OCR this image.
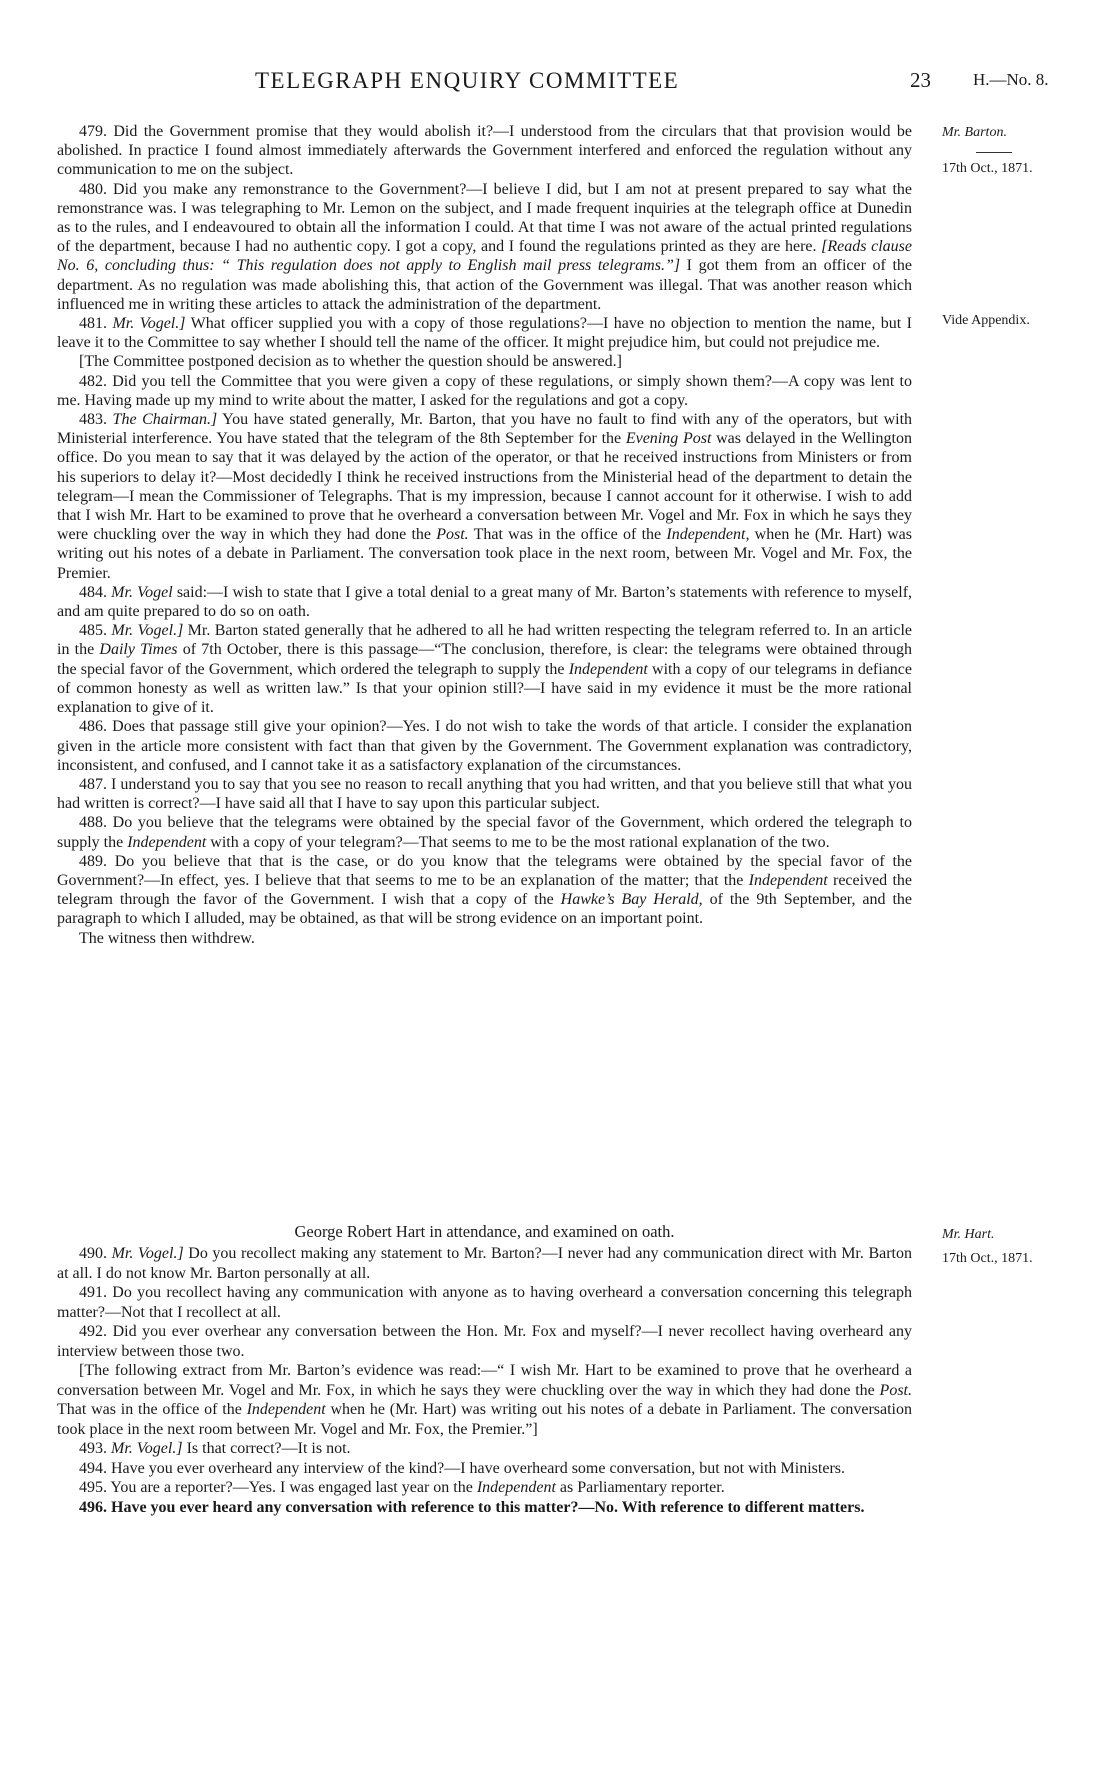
TELEGRAPH ENQUIRY COMMITTEE	23 H.—No. 8.
Mr. Barton.
17th Oct., 1871.
Vide Appendix.
Mr. Hart.
17th Oct., 1871.

479. Did the Government promise that they would abolish it?—I understood from the circulars that that provision would be abolished. In practice I found almost immediately afterwards the Government interfered and enforced the regulation without any communication to me on the subject.

480. Did you make any remonstrance to the Government?—I believe I did, but I am not at present prepared to say what the remonstrance was. I was telegraphing to Mr. Lemon on the subject, and I made frequent inquiries at the telegraph office at Dunedin as to the rules, and I endeavoured to obtain all the information I could. At that time I was not aware of the actual printed regulations of the department, because I had no authentic copy. I got a copy, and I found the regulations printed as they are here. [Reads clause No. 6, concluding thus: “ This regulation does not apply to English mail press telegrams.”] I got them from an officer of the department. As no regulation was made abolishing this, that action of the Government was illegal. That was another reason which influenced me in writing these articles to attack the administration of the department.

481. Mr. Vogel.] What officer supplied you with a copy of those regulations?—I have no objection to mention the name, but I leave it to the Committee to say whether I should tell the name of the officer. It might prejudice him, but could not prejudice me.

[The Committee postponed decision as to whether the question should be answered.]

482. Did you tell the Committee that you were given a copy of these regulations, or simply shown them?—A copy was lent to me. Having made up my mind to write about the matter, I asked for the regulations and got a copy.

483. The Chairman.] You have stated generally, Mr. Barton, that you have no fault to find with any of the operators, but with Ministerial interference. You have stated that the telegram of the 8th September for the Evening Post was delayed in the Wellington office. Do you mean to say that it was delayed by the action of the operator, or that he received instructions from Ministers or from his superiors to delay it?—Most decidedly I think he received instructions from the Ministerial head of the department to detain the telegram—I mean the Commissioner of Telegraphs. That is my impression, because I cannot account for it otherwise. I wish to add that I wish Mr. Hart to be examined to prove that he overheard a conversation between Mr. Vogel and Mr. Fox in which he says they were chuckling over the way in which they had done the Post. That was in the office of the Independent, when he (Mr. Hart) was writing out his notes of a debate in Parliament. The conversation took place in the next room, between Mr. Vogel and Mr. Fox, the Premier.

484. Mr. Vogel said:—I wish to state that I give a total denial to a great many of Mr. Barton’s statements with reference to myself, and am quite prepared to do so on oath.

485. Mr. Vogel.] Mr. Barton stated generally that he adhered to all he had written respecting the telegram referred to. In an article in the Daily Times of 7th October, there is this passage—“The conclusion, therefore, is clear: the telegrams were obtained through the special favor of the Government, which ordered the telegraph to supply the Independent with a copy of our telegrams in defiance of common honesty as well as written law.” Is that your opinion still?—I have said in my evidence it must be the more rational explanation to give of it.

486. Does that passage still give your opinion?—Yes. I do not wish to take the words of that article. I consider the explanation given in the article more consistent with fact than that given by the Government. The Government explanation was contradictory, inconsistent, and confused, and I cannot take it as a satisfactory explanation of the circumstances.

487. I understand you to say that you see no reason to recall anything that you had written, and that you believe still that what you had written is correct?—I have said all that I have to say upon this particular subject.

488. Do you believe that the telegrams were obtained by the special favor of the Government, which ordered the telegraph to supply the Independent with a copy of your telegram?—That seems to me to be the most rational explanation of the two.

489. Do you believe that that is the case, or do you know that the telegrams were obtained by the special favor of the Government?—In effect, yes. I believe that that seems to me to be an explanation of the matter; that the Independent received the telegram through the favor of the Government. I wish that a copy of the Hawke’s Bay Herald, of the 9th September, and the paragraph to which I alluded, may be obtained, as that will be strong evidence on an important point.

The witness then withdrew.

George Robert Hart in attendance, and examined on oath.

490. Mr. Vogel.] Do you recollect making any statement to Mr. Barton?—I never had any communication direct with Mr. Barton at all. I do not know Mr. Barton personally at all.

491. Do you recollect having any communication with anyone as to having overheard a conversation concerning this telegraph matter?—Not that I recollect at all.

492. Did you ever overhear any conversation between the Hon. Mr. Fox and myself?—I never recollect having overheard any interview between those two.

[The following extract from Mr. Barton’s evidence was read:—“ I wish Mr. Hart to be examined to prove that he overheard a conversation between Mr. Vogel and Mr. Fox, in which he says they were chuckling over the way in which they had done the Post. That was in the office of the Independent when he (Mr. Hart) was writing out his notes of a debate in Parliament. The conversation took place in the next room between Mr. Vogel and Mr. Fox, the Premier.”]

493. Mr. Vogel.] Is that correct?—It is not.

494. Have you ever overheard any interview of the kind?—I have overheard some conversation, but not with Ministers.

495. You are a reporter?—Yes. I was engaged last year on the Independent as Parliamentary reporter.

496. Have you ever heard any conversation with reference to this matter?—No. With reference to different matters.
